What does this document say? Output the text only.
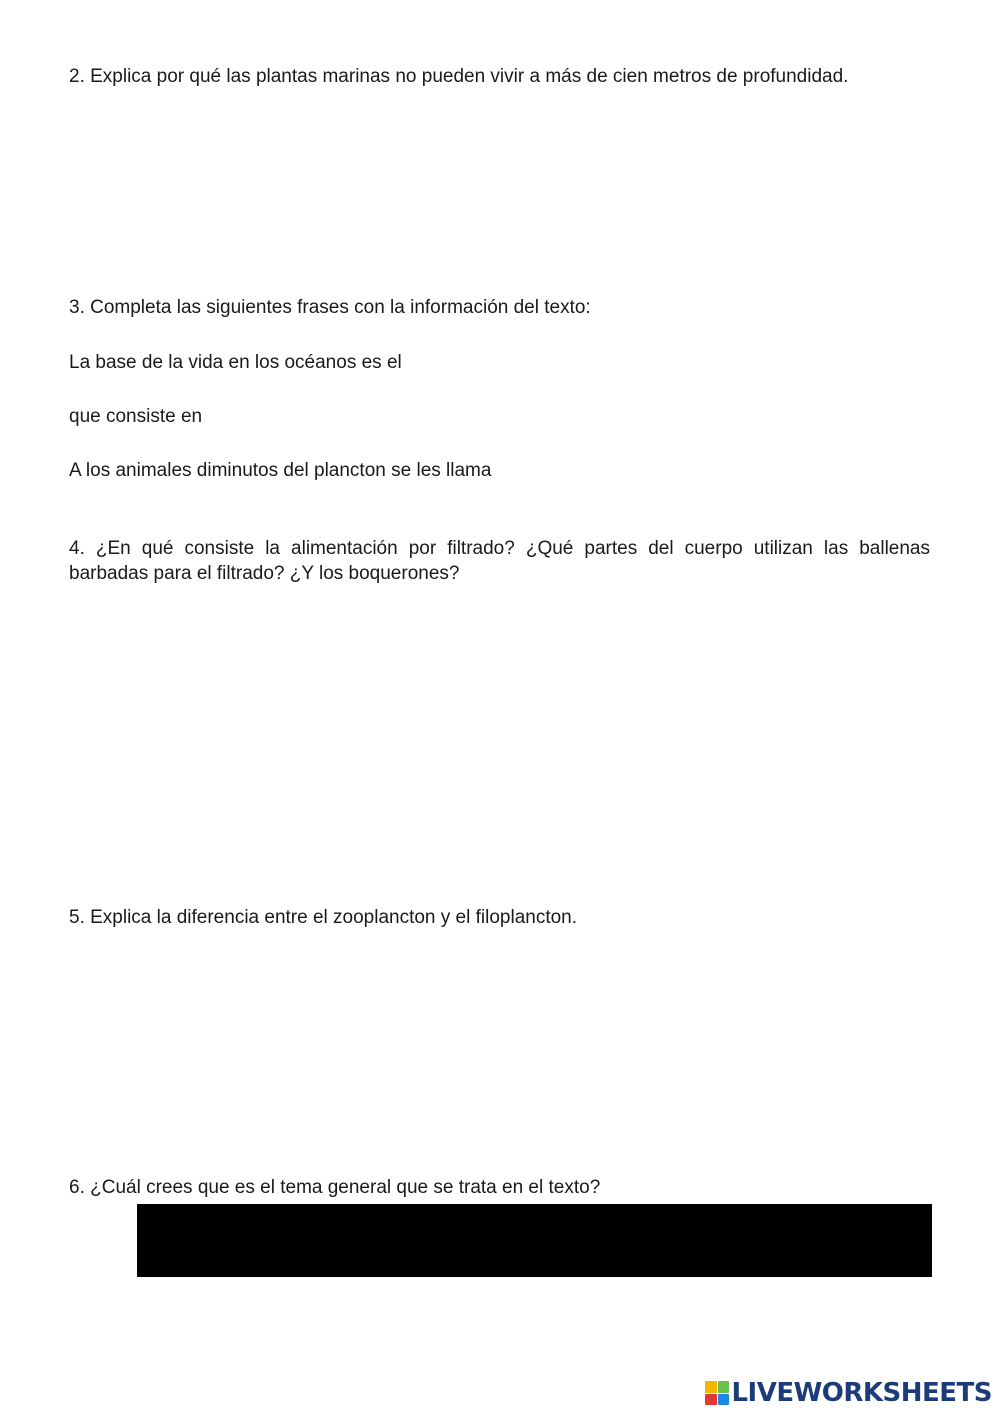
2. Explica por qué las plantas marinas no pueden vivir a más de cien metros de profundidad.
3. Completa las siguientes frases con la información del texto:
La base de la vida en los océanos es el
que consiste en
A los animales diminutos del plancton se les llama
4. ¿En qué consiste la alimentación por filtrado? ¿Qué partes del cuerpo utilizan las ballenas barbadas para el filtrado? ¿Y los boquerones?
5. Explica la diferencia entre el zooplancton y el filoplancton.
6. ¿Cuál crees que es el tema general que se trata en el texto?
LIVEWORKSHEETS
